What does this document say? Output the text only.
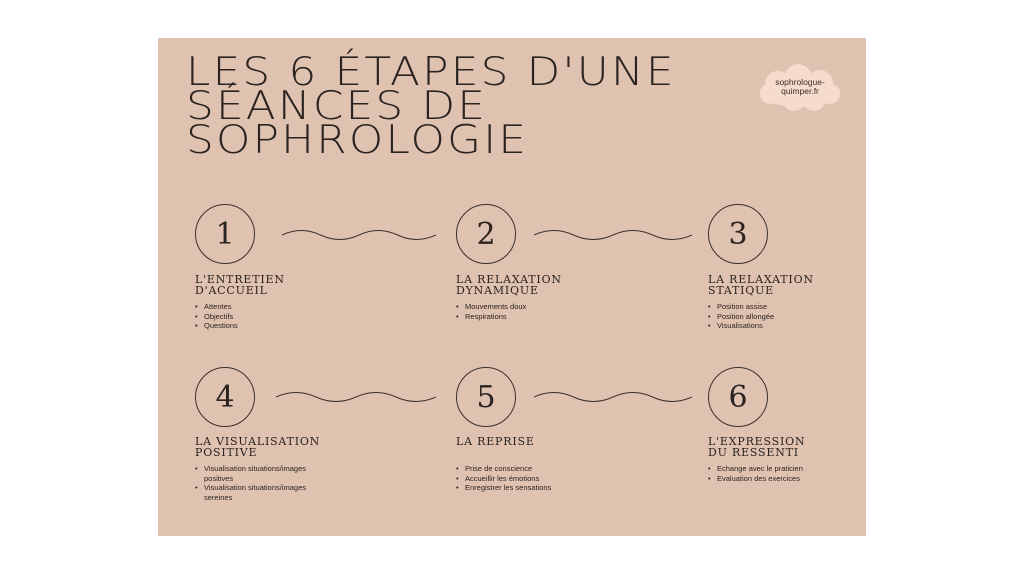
LES 6 ÉTAPES D'UNE
SÉANCES DE
SOPHROLOGIE
sophrologue-
quimper.fr
1	2	3
4	5	6
L'ENTRETIEN
D'ACCUEIL
• Attentes
• Objectifs
• Questions
LA RELAXATION
DYNAMIQUE
• Mouvements doux
• Respirations
LA RELAXATION
STATIQUE
• Position assise
• Position allongée
• Visualisations
LA VISUALISATION
POSITIVE
• Visualisation situations/images
positives
• Visualisation situations/images
sereines
LA REPRISE
• Prise de conscience
• Accueillir les émotions
• Enregistrer les sensations
L'EXPRESSION
DU RESSENTI
• Echange avec le praticien
• Evaluation des exercices
